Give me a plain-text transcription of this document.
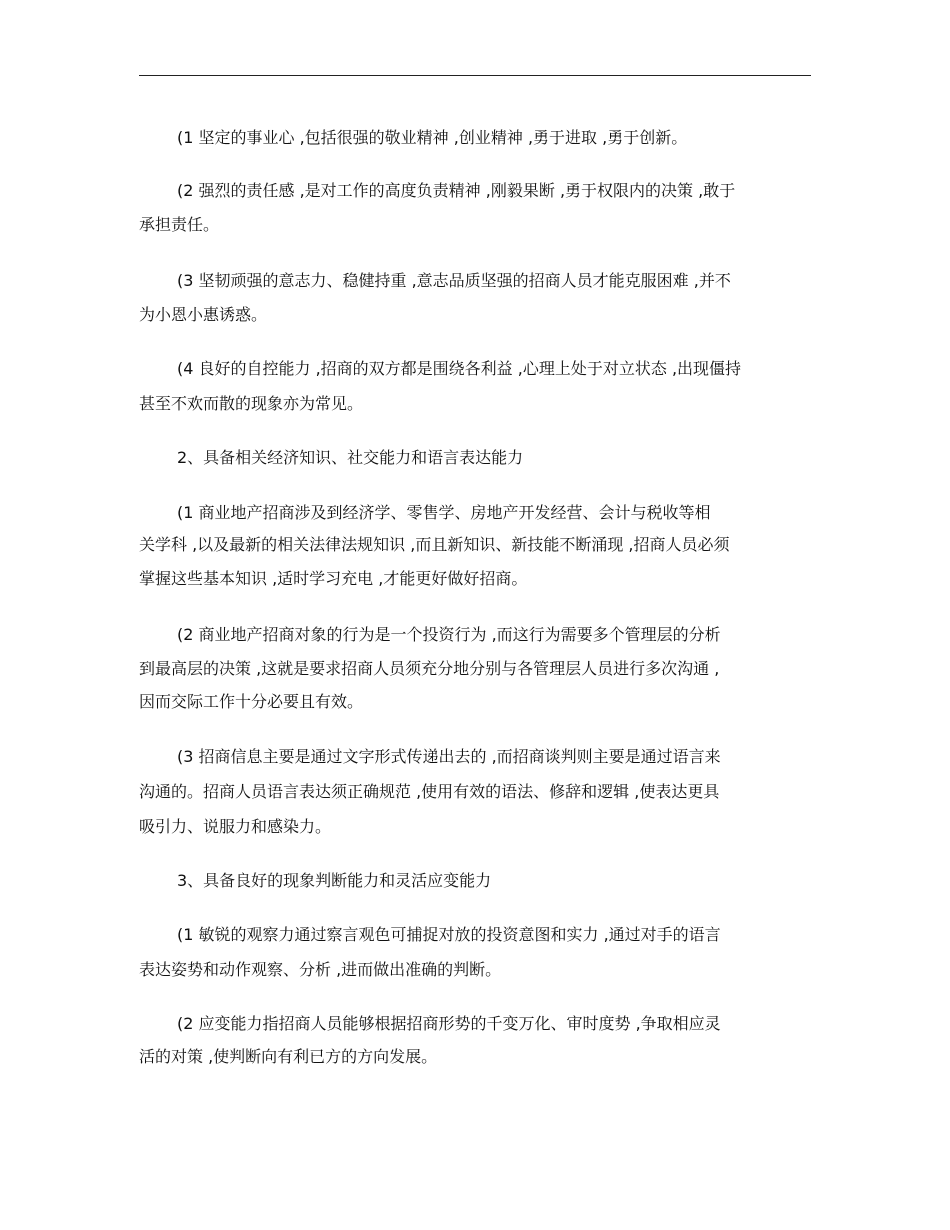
(1 坚定的事业心 ,包括很强的敬业精神 ,创业精神 ,勇于进取 ,勇于创新。
(2 强烈的责任感 ,是对工作的高度负责精神 ,刚毅果断 ,勇于权限内的决策 ,敢于
承担责任。
(3 坚韧顽强的意志力、稳健持重 ,意志品质坚强的招商人员才能克服困难 ,并不
为小恩小惠诱惑。
(4 良好的自控能力 ,招商的双方都是围绕各利益 ,心理上处于对立状态 ,出现僵持
甚至不欢而散的现象亦为常见。
2、具备相关经济知识、社交能力和语言表达能力
(1 商业地产招商涉及到经济学、零售学、房地产开发经营、会计与税收等相
关学科 ,以及最新的相关法律法规知识 ,而且新知识、新技能不断涌现 ,招商人员必须
掌握这些基本知识 ,适时学习充电 ,才能更好做好招商。
(2 商业地产招商对象的行为是一个投资行为 ,而这行为需要多个管理层的分析
到最高层的决策 ,这就是要求招商人员须充分地分别与各管理层人员进行多次沟通 ,
因而交际工作十分必要且有效。
(3 招商信息主要是通过文字形式传递出去的 ,而招商谈判则主要是通过语言来
沟通的。招商人员语言表达须正确规范 ,使用有效的语法、修辞和逻辑 ,使表达更具
吸引力、说服力和感染力。
3、具备良好的现象判断能力和灵活应变能力
(1 敏锐的观察力通过察言观色可捕捉对放的投资意图和实力 ,通过对手的语言
表达姿势和动作观察、分析 ,进而做出准确的判断。
(2 应变能力指招商人员能够根据招商形势的千变万化、审时度势 ,争取相应灵
活的对策 ,使判断向有利已方的方向发展。
